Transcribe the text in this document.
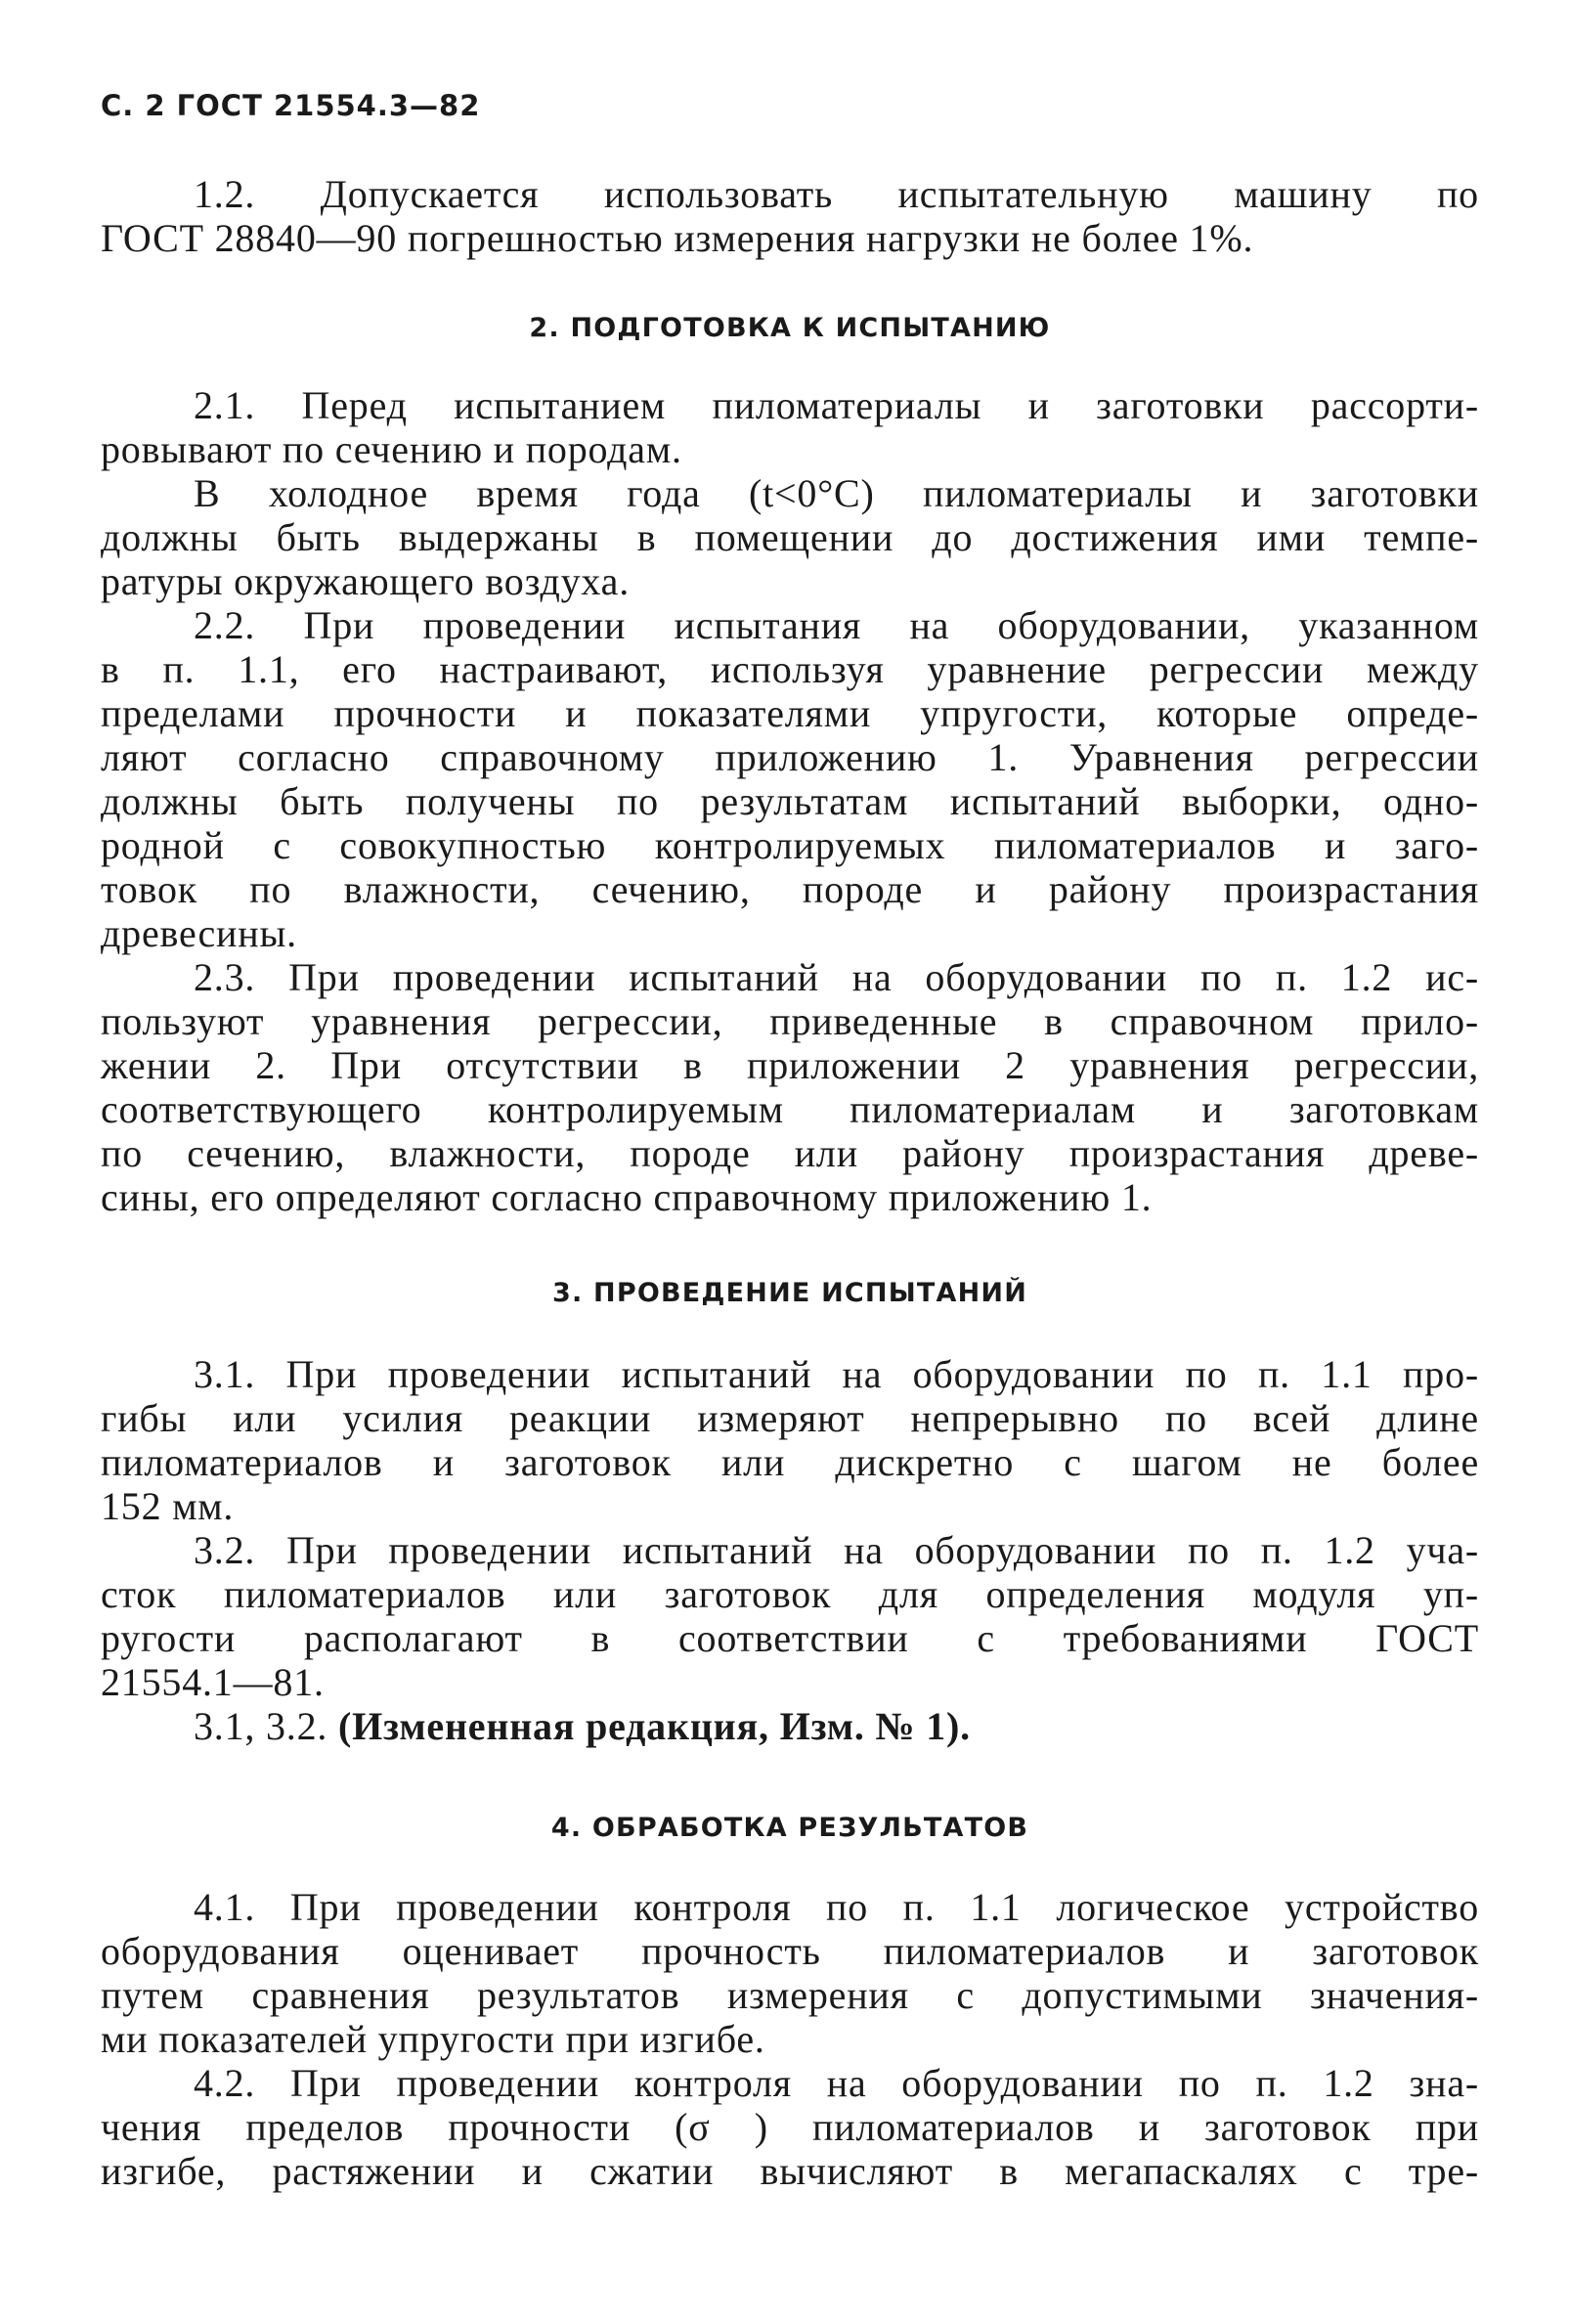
С. 2 ГОСТ 21554.3—82

1.2. Допускается использовать испытательную машину по
ГОСТ 28840—90 погрешностью измерения нагрузки не более 1%.

2. ПОДГОТОВКА К ИСПЫТАНИЮ

2.1. Перед испытанием пиломатериалы и заготовки рассорти-
ровывают по сечению и породам.

В холодное время года (t<0°С) пиломатериалы и заготовки
должны быть выдержаны в помещении до достижения ими темпе-
ратуры окружающего воздуха.

2.2. При проведении испытания на оборудовании, указанном
в п. 1.1, его настраивают, используя уравнение регрессии между
пределами прочности и показателями упругости, которые опреде-
ляют согласно справочному приложению 1. Уравнения регрессии
должны быть получены по результатам испытаний выборки, одно-
родной с совокупностью контролируемых пиломатериалов и заго-
товок по влажности, сечению, породе и району произрастания
древесины.

2.3. При проведении испытаний на оборудовании по п. 1.2 ис-
пользуют уравнения регрессии, приведенные в справочном прило-
жении 2. При отсутствии в приложении 2 уравнения регрессии,
соответствующего контролируемым пиломатериалам и заготовкам
по сечению, влажности, породе или району произрастания древе-
сины, его определяют согласно справочному приложению 1.

3. ПРОВЕДЕНИЕ ИСПЫТАНИЙ

3.1. При проведении испытаний на оборудовании по п. 1.1 про-
гибы или усилия реакции измеряют непрерывно по всей длине
пиломатериалов и заготовок или дискретно с шагом не более
152 мм.

3.2. При проведении испытаний на оборудовании по п. 1.2 уча-
сток пиломатериалов или заготовок для определения модуля уп-
ругости располагают в соответствии с требованиями ГОСТ
21554.1—81.

3.1, 3.2. (Измененная редакция, Изм. № 1).

4. ОБРАБОТКА РЕЗУЛЬТАТОВ

4.1. При проведении контроля по п. 1.1 логическое устройство
оборудования оценивает прочность пиломатериалов и заготовок
путем сравнения результатов измерения с допустимыми значения-
ми показателей упругости при изгибе.

4.2. При проведении контроля на оборудовании по п. 1.2 зна-
чения пределов прочности (σ ) пиломатериалов и заготовок при
изгибе, растяжении и сжатии вычисляют в мегапаскалях с тре-
